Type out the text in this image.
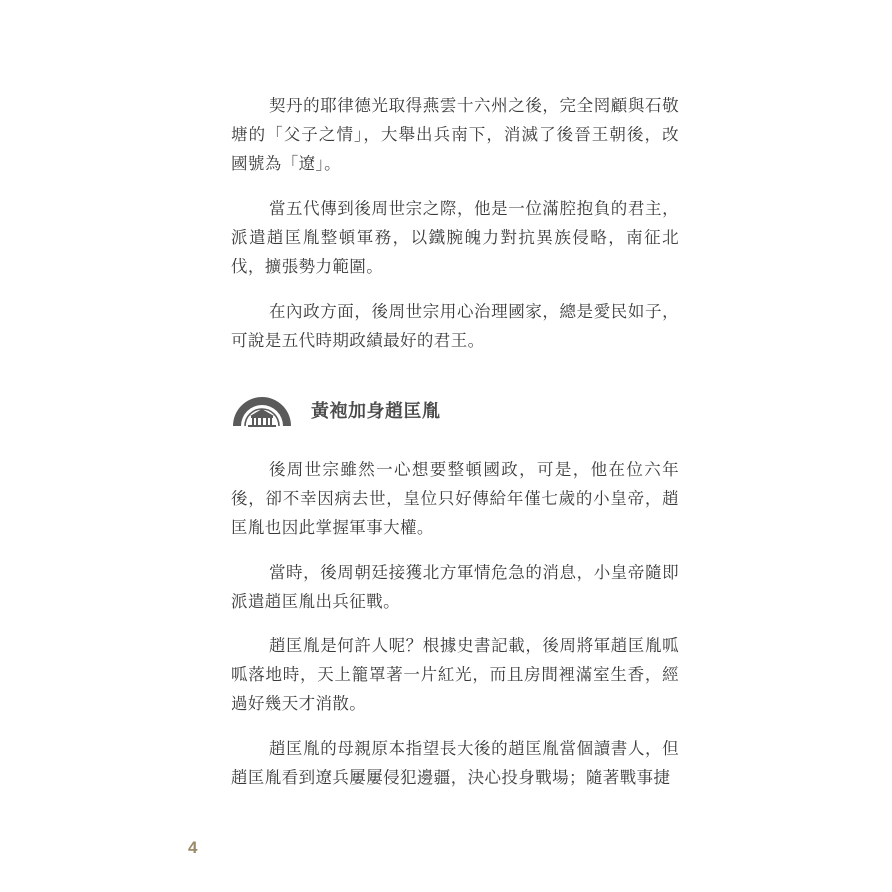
契丹的耶律德光取得燕雲十六州之後，完全罔顧與石敬塘的「父子之情」，大舉出兵南下，消滅了後晉王朝後，改國號為「遼」。

當五代傳到後周世宗之際，他是一位滿腔抱負的君主，派遣趙匡胤整頓軍務，以鐵腕魄力對抗異族侵略，南征北伐，擴張勢力範圍。

在內政方面，後周世宗用心治理國家，總是愛民如子，可說是五代時期政績最好的君王。

黃袍加身趙匡胤

後周世宗雖然一心想要整頓國政，可是，他在位六年後，卻不幸因病去世，皇位只好傳給年僅七歲的小皇帝，趙匡胤也因此掌握軍事大權。

當時，後周朝廷接獲北方軍情危急的消息，小皇帝隨即派遣趙匡胤出兵征戰。

趙匡胤是何許人呢？根據史書記載，後周將軍趙匡胤呱呱落地時，天上籠罩著一片紅光，而且房間裡滿室生香，經過好幾天才消散。

趙匡胤的母親原本指望長大後的趙匡胤當個讀書人，但趙匡胤看到遼兵屢屢侵犯邊疆，決心投身戰場；隨著戰事捷

4
